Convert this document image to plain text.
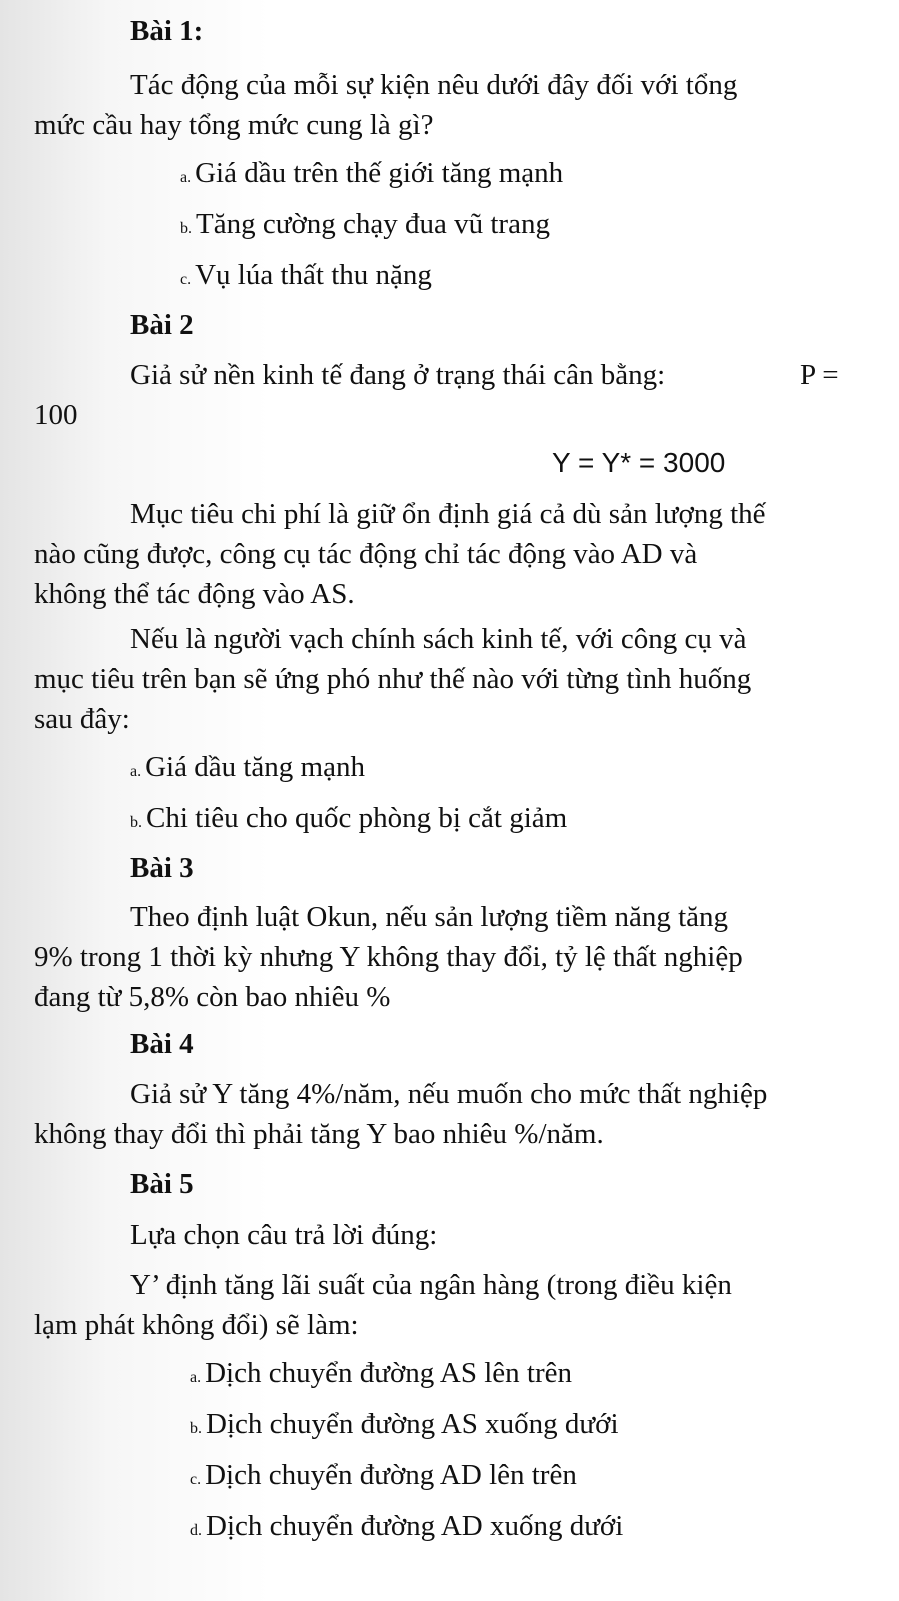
Bài 1:
Tác động của mỗi sự kiện nêu dưới đây đối với tổng
mức cầu hay tổng mức cung là gì?
a. Giá dầu trên thế giới tăng mạnh
b. Tăng cường chạy đua vũ trang
c. Vụ lúa thất thu nặng
Bài 2
Giả sử nền kinh tế đang ở trạng thái cân bằng:	P =
100
Y = Y* = 3000
Mục tiêu chi phí là giữ ổn định giá cả dù sản lượng thế
nào cũng được, công cụ tác động chỉ tác động vào AD và
không thể tác động vào AS.
Nếu là người vạch chính sách kinh tế, với công cụ và
mục tiêu trên bạn sẽ ứng phó như thế nào với từng tình huống
sau đây:
a. Giá dầu tăng mạnh
b. Chi tiêu cho quốc phòng bị cắt giảm
Bài 3
Theo định luật Okun, nếu sản lượng tiềm năng tăng
9% trong 1 thời kỳ nhưng Y không thay đổi, tỷ lệ thất nghiệp
đang từ 5,8% còn bao nhiêu %
Bài 4
Giả sử Y tăng 4%/năm, nếu muốn cho mức thất nghiệp
không thay đổi thì phải tăng Y bao nhiêu %/năm.
Bài 5
Lựa chọn câu trả lời đúng:
Y’ định tăng lãi suất của ngân hàng (trong điều kiện
lạm phát không đổi) sẽ làm:
a. Dịch chuyển đường AS lên trên
b. Dịch chuyển đường AS xuống dưới
c. Dịch chuyển đường AD lên trên
d. Dịch chuyển đường AD xuống dưới
